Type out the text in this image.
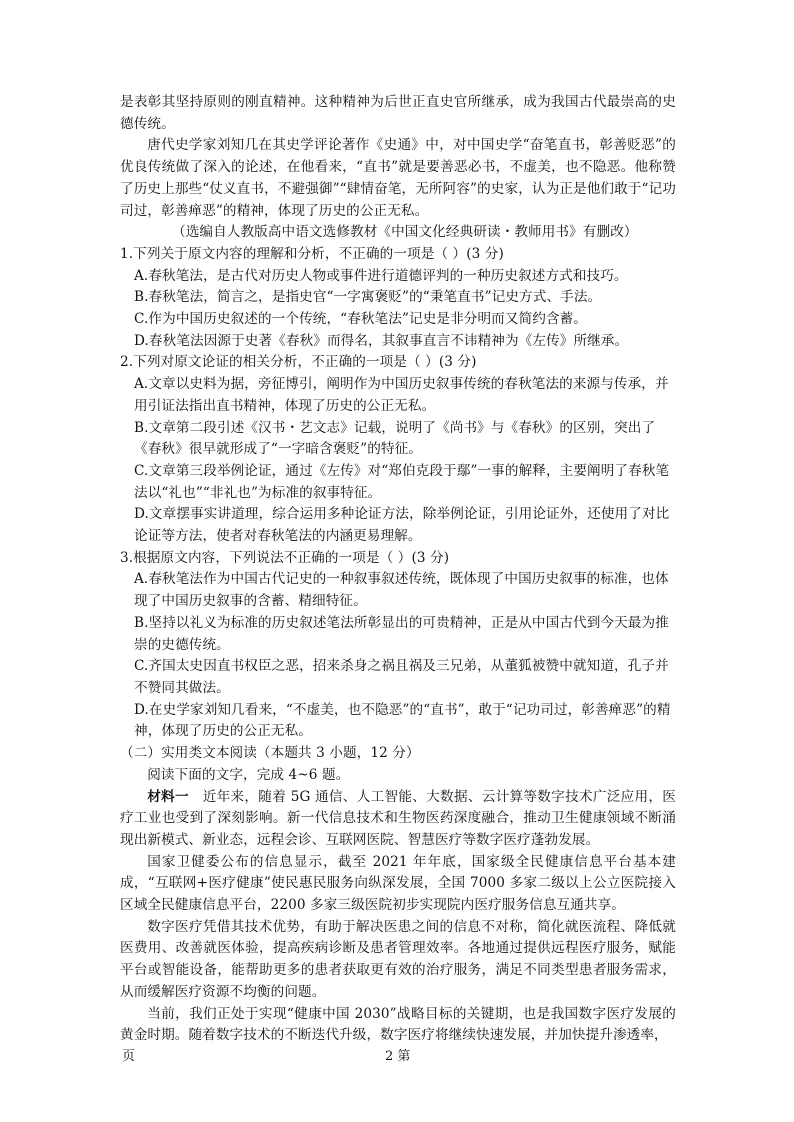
是表彰其坚持原则的刚直精神。这种精神为后世正直史官所继承，成为我国古代最崇高的史德传统。

唐代史学家刘知几在其史学评论著作《史通》中，对中国史学“奋笔直书，彰善贬恶”的优良传统做了深入的论述，在他看来，“直书”就是要善恶必书，不虚美，也不隐恶。他称赞了历史上那些“仗义直书，不避强御”“肆情奋笔，无所阿容”的史家，认为正是他们敢于“记功司过，彰善瘅恶”的精神，体现了历史的公正无私。

（选编自人教版高中语文选修教材《中国文化经典研读・教师用书》有删改）

1.下列关于原文内容的理解和分析，不正确的一项是（ ）(3 分)

A.春秋笔法，是古代对历史人物或事件进行道德评判的一种历史叙述方式和技巧。

B.春秋笔法，简言之，是指史官“一字寓褒贬”的“秉笔直书”记史方式、手法。

C.作为中国历史叙述的一个传统，“春秋笔法”记史是非分明而又简约含蓄。

D.春秋笔法因源于史著《春秋》而得名，其叙事直言不讳精神为《左传》所继承。

2.下列对原文论证的相关分析，不正确的一项是（ ）(3 分)

A.文章以史料为据，旁征博引，阐明作为中国历史叙事传统的春秋笔法的来源与传承，并用引证法指出直书精神，体现了历史的公正无私。

B.文章第二段引述《汉书・艺文志》记载，说明了《尚书》与《春秋》的区别，突出了《春秋》很早就形成了“一字暗含褒贬”的特征。

C.文章第三段举例论证，通过《左传》对“郑伯克段于鄢”一事的解释，主要阐明了春秋笔法以“礼也”“非礼也”为标准的叙事特征。

D.文章摆事实讲道理，综合运用多种论证方法，除举例论证，引用论证外，还使用了对比论证等方法，使者对春秋笔法的内涵更易理解。

3.根据原文内容，下列说法不正确的一项是（ ）(3 分)

A.春秋笔法作为中国古代记史的一种叙事叙述传统，既体现了中国历史叙事的标准，也体现了中国历史叙事的含蓄、精细特征。

B.坚持以礼义为标准的历史叙述笔法所彰显出的可贵精神，正是从中国古代到今天最为推崇的史德传统。

C.齐国太史因直书权臣之恶，招来杀身之祸且祸及三兄弟，从董狐被赞中就知道，孔子并不赞同其做法。

D.在史学家刘知几看来，“不虚美，也不隐恶”的“直书”，敢于“记功司过，彰善瘅恶”的精神，体现了历史的公正无私。

（二）实用类文本阅读（本题共 3 小题，12 分）

阅读下面的文字，完成 4~6 题。

材料一 近年来，随着 5G 通信、人工智能、大数据、云计算等数字技术广泛应用，医疗工业也受到了深刻影响。新一代信息技术和生物医药深度融合，推动卫生健康领域不断涌现出新模式、新业态，远程会诊、互联网医院、智慧医疗等数字医疗蓬勃发展。

国家卫健委公布的信息显示，截至 2021 年年底，国家级全民健康信息平台基本建成，“互联网+医疗健康”使民惠民服务向纵深发展，全国 7000 多家二级以上公立医院接入区域全民健康信息平台，2200 多家三级医院初步实现院内医疗服务信息互通共享。

数字医疗凭借其技术优势，有助于解决医患之间的信息不对称，简化就医流程、降低就医费用、改善就医体验，提高疾病诊断及患者管理效率。各地通过提供远程医疗服务，赋能平台或智能设备，能帮助更多的患者获取更有效的治疗服务，满足不同类型患者服务需求，从而缓解医疗资源不均衡的问题。

当前，我们正处于实现“健康中国 2030”战略目标的关键期，也是我国数字医疗发展的黄金时期。随着数字技术的不断迭代升级，数字医疗将继续快速发展，并加快提升渗透率，

页	2 第
